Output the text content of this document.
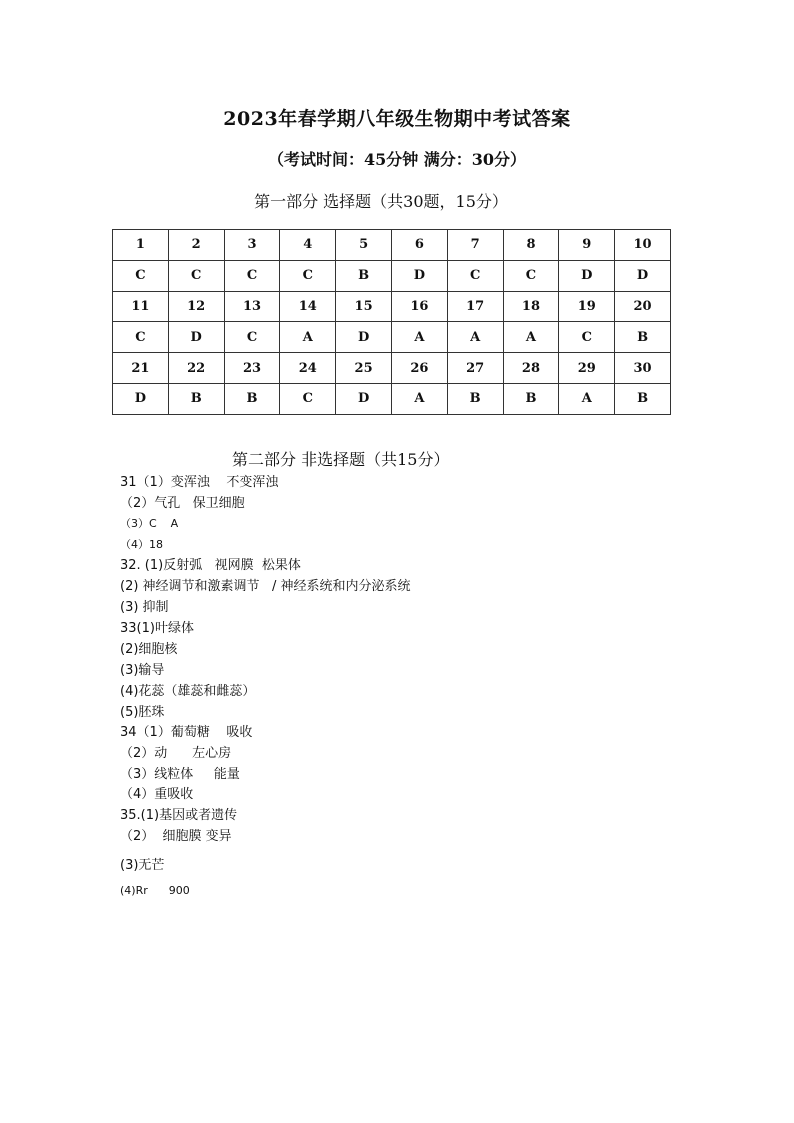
2023年春学期八年级生物期中考试答案
（考试时间：45分钟 满分：30分）
第一部分 选择题（共30题，15分）
1	2	3	4	5	6	7	8	9	10
C	C	C	C	B	D	C	C	D	D
11	12	13	14	15	16	17	18	19	20
C	D	C	A	D	A	A	A	C	B
21	22	23	24	25	26	27	28	29	30
D	B	B	C	D	A	B	B	A	B
第二部分 非选择题（共15分）
31（1）变浑浊    不变浑浊
（2）气孔   保卫细胞
（3）C    A
（4）18
32. (1)反射弧   视网膜  松果体
(2) 神经调节和激素调节   / 神经系统和内分泌系统
(3) 抑制
33(1)叶绿体
(2)细胞核
(3)输导
(4)花蕊（雄蕊和雌蕊）
(5)胚珠
34（1）葡萄糖    吸收
（2）动      左心房
（3）线粒体     能量
（4）重吸收
35.(1)基因或者遗传
（2）  细胞膜 变异
(3)无芒
(4)Rr      900
